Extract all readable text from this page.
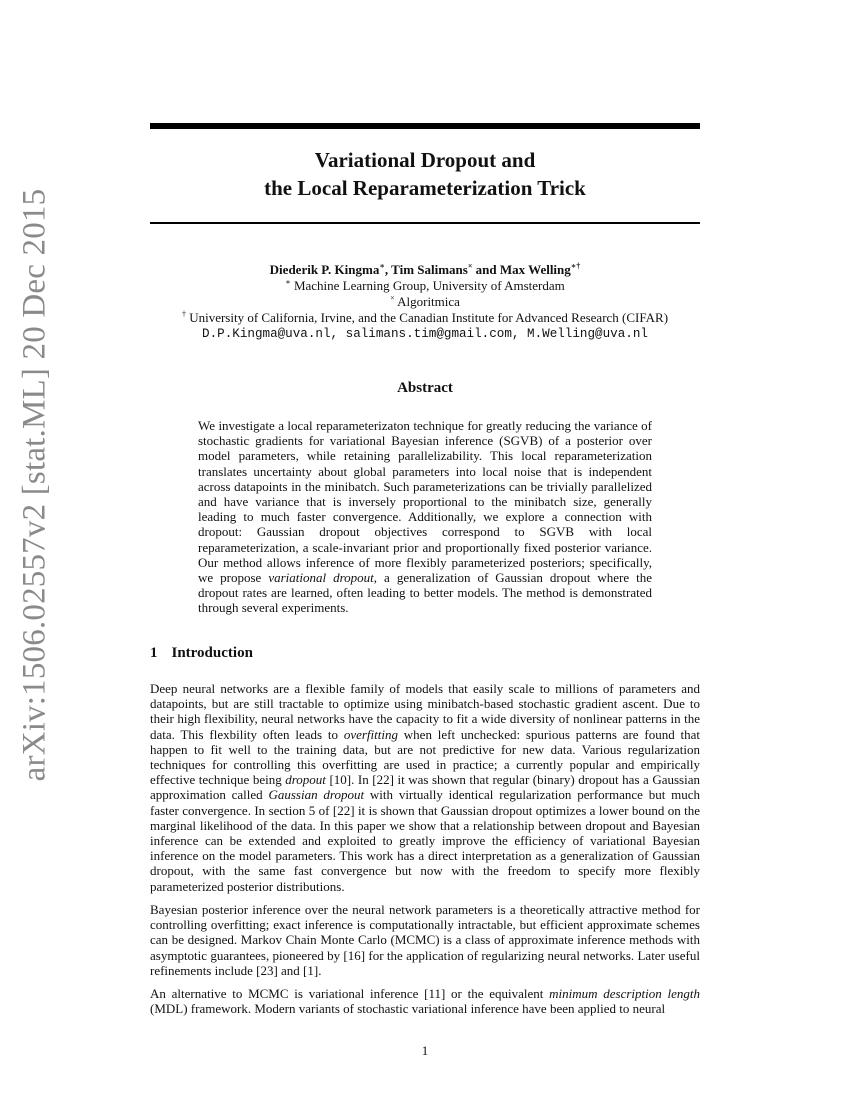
arXiv:1506.02557v2 [stat.ML] 20 Dec 2015
Variational Dropout and
the Local Reparameterization Trick
Diederik P. Kingma∗, Tim Salimans× and Max Welling∗†
∗ Machine Learning Group, University of Amsterdam
× Algoritmica
† University of California, Irvine, and the Canadian Institute for Advanced Research (CIFAR)
D.P.Kingma@uva.nl, salimans.tim@gmail.com, M.Welling@uva.nl
Abstract
We investigate a local reparameterizaton technique for greatly reducing the variance of stochastic gradients for variational Bayesian inference (SGVB) of a posterior over model parameters, while retaining parallelizability. This local reparameterization translates uncertainty about global parameters into local noise that is independent across datapoints in the minibatch. Such parameterizations can be trivially parallelized and have variance that is inversely proportional to the minibatch size, generally leading to much faster convergence. Additionally, we explore a connection with dropout: Gaussian dropout objectives correspond to SGVB with local reparameterization, a scale-invariant prior and proportionally fixed posterior variance. Our method allows inference of more flexibly parameterized posteriors; specifically, we propose variational dropout, a generalization of Gaussian dropout where the dropout rates are learned, often leading to better models. The method is demonstrated through several experiments.
1 Introduction
Deep neural networks are a flexible family of models that easily scale to millions of parameters and datapoints, but are still tractable to optimize using minibatch-based stochastic gradient ascent. Due to their high flexibility, neural networks have the capacity to fit a wide diversity of nonlinear patterns in the data. This flexbility often leads to overfitting when left unchecked: spurious patterns are found that happen to fit well to the training data, but are not predictive for new data. Various regularization techniques for controlling this overfitting are used in practice; a currently popular and empirically effective technique being dropout [10]. In [22] it was shown that regular (binary) dropout has a Gaussian approximation called Gaussian dropout with virtually identical regularization performance but much faster convergence. In section 5 of [22] it is shown that Gaussian dropout optimizes a lower bound on the marginal likelihood of the data. In this paper we show that a relationship between dropout and Bayesian inference can be extended and exploited to greatly improve the efficiency of variational Bayesian inference on the model parameters. This work has a direct interpretation as a generalization of Gaussian dropout, with the same fast convergence but now with the freedom to specify more flexibly parameterized posterior distributions.
Bayesian posterior inference over the neural network parameters is a theoretically attractive method for controlling overfitting; exact inference is computationally intractable, but efficient approximate schemes can be designed. Markov Chain Monte Carlo (MCMC) is a class of approximate inference methods with asymptotic guarantees, pioneered by [16] for the application of regularizing neural networks. Later useful refinements include [23] and [1].
An alternative to MCMC is variational inference [11] or the equivalent minimum description length (MDL) framework. Modern variants of stochastic variational inference have been applied to neural
1
